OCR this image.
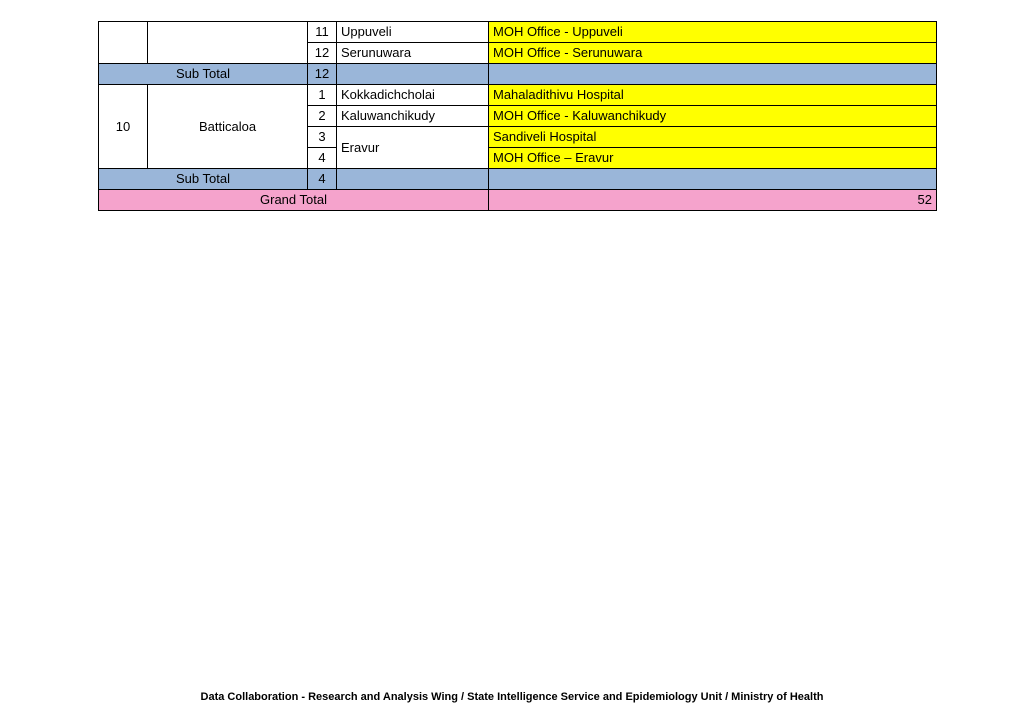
		11	Uppuveli	MOH Office - Uppuveli
		12	Serunuwara	MOH Office - Serunuwara
Sub Total		12		
10	Batticaloa	1	Kokkadichcholai	Mahaladithivu Hospital
		2	Kaluwanchikudy	MOH Office - Kaluwanchikudy
		3	Eravur	Sandiveli Hospital
		4		MOH Office – Eravur
Sub Total		4		
Grand Total				52
Data Collaboration - Research and Analysis Wing / State Intelligence Service and Epidemiology Unit / Ministry of Health
